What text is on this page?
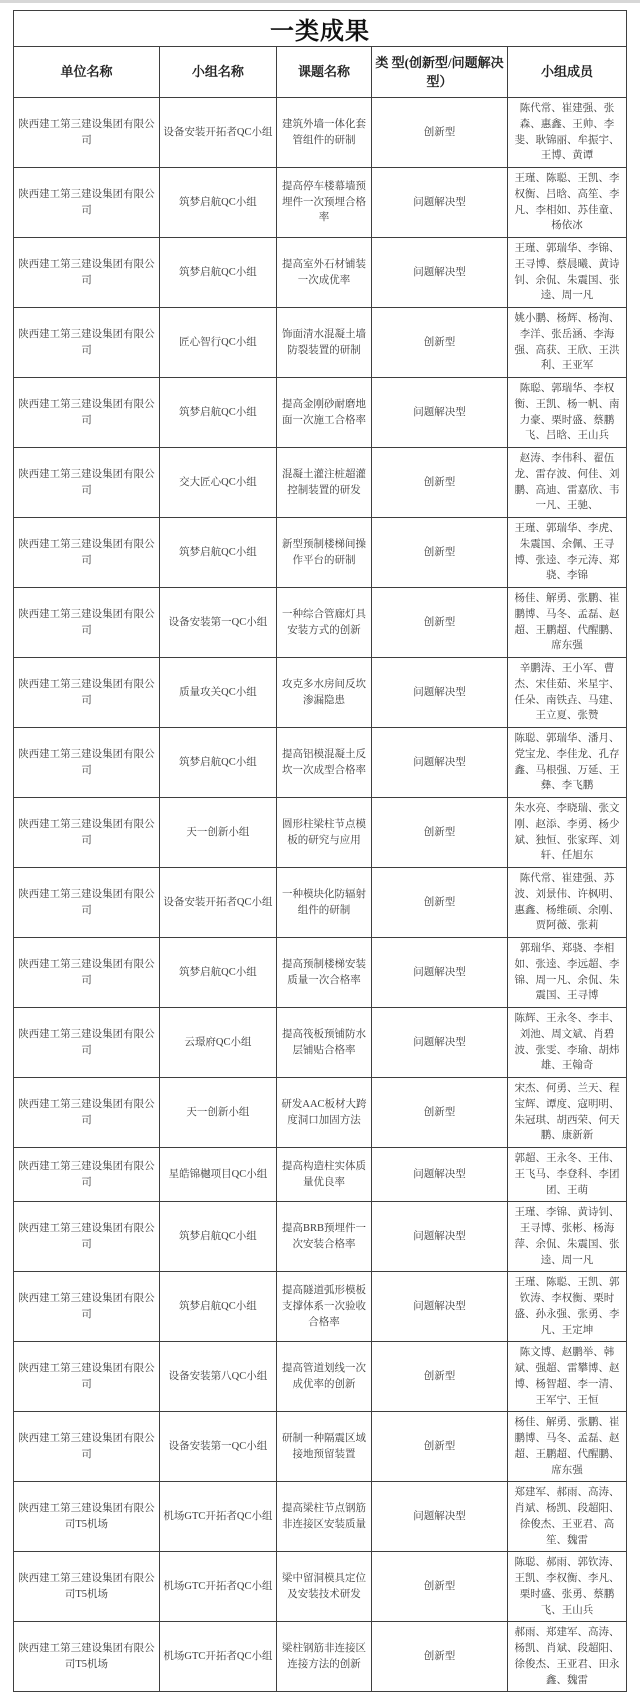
一类成果				
单位名称	小组名称	课题名称	类 型(创新型/问题解决型）	小组成员
陕西建工第三建设集团有限公司	设备安装开拓者QC小组	建筑外墙一体化套管组件的研制	创新型	陈代常、崔建强、张森、惠鑫、王帅、李斐、耿锦丽、牟振宇、王博、黄谭
陕西建工第三建设集团有限公司	筑梦启航QC小组	提高停车楼幕墙预埋件一次预埋合格率	问题解决型	王瑾、陈聪、王凯、李权衡、吕晗、高笙、李凡、李相如、苏佳童、杨依冰
陕西建工第三建设集团有限公司	筑梦启航QC小组	提高室外石材铺装一次成优率	问题解决型	王瑾、郭瑞华、李锦、王寻博、蔡晨曦、黄诗钊、余侃、朱震国、张逵、周一凡
陕西建工第三建设集团有限公司	匠心智行QC小组	饰面清水混凝土墙防裂装置的研制	创新型	姚小鹏、杨辉、杨洵、李洋、张岳涵、李海强、高获、王欣、王洪利、王亚军
陕西建工第三建设集团有限公司	筑梦启航QC小组	提高金刚砂耐磨地面一次施工合格率	问题解决型	陈聪、郭瑞华、李权衡、王凯、杨一帆、南力豪、栗时盛、蔡鹏飞、吕晗、王山兵
陕西建工第三建设集团有限公司	交大匠心QC小组	混凝土灌注桩超灌控制装置的研发	创新型	赵涛、李伟科、翟伍龙、雷存波、何佳、刘鹏、高迪、雷嘉欣、韦一凡、王驰、
陕西建工第三建设集团有限公司	筑梦启航QC小组	新型预制楼梯间操作平台的研制	创新型	王瑾、郭瑞华、李虎、朱震国、余佩、王寻博、张逵、李元涛、郑骁、李锦
陕西建工第三建设集团有限公司	设备安装第一QC小组	一种综合管廊灯具安装方式的创新	创新型	杨佳、解勇、张鹏、崔鹏博、马冬、孟磊、赵超、王鹏超、代醒鹏、席东强
陕西建工第三建设集团有限公司	质量攻关QC小组	攻克多水房间反坎渗漏隐患	问题解决型	辛鹏涛、王小军、曹杰、宋佳茹、米星宇、任朵、南铁垚、马建、王立夏、张赞
陕西建工第三建设集团有限公司	筑梦启航QC小组	提高铝模混凝土反坎一次成型合格率	问题解决型	陈聪、郭瑞华、潘月、党宝龙、李佳龙、孔存鑫、马根强、万延、王彝、李飞鹏
陕西建工第三建设集团有限公司	天一创新小组	圆形柱梁柱节点模板的研究与应用	创新型	朱水亮、李晓瑞、张文刚、赵添、李勇、杨少斌、独恒、张家珲、刘轩、任旭东
陕西建工第三建设集团有限公司	设备安装开拓者QC小组	一种模块化防辐射组件的研制	创新型	陈代常、崔建强、苏波、刘景伟、许枫明、惠鑫、杨维硕、余刚、贾阿薇、张莉
陕西建工第三建设集团有限公司	筑梦启航QC小组	提高预制楼梯安装质量一次合格率	问题解决型	郭瑞华、郑骁、李相如、张逵、李远超、李锦、周一凡、余侃、朱震国、王寻博
陕西建工第三建设集团有限公司	云璟府QC小组	提高筏板预铺防水层铺贴合格率	问题解决型	陈辉、王永冬、李丰、刘池、周文斌、肖碧波、张雯、李瑜、胡炜雄、王翰奇
陕西建工第三建设集团有限公司	天一创新小组	研发AAC板材大跨度洞口加固方法	创新型	宋杰、何勇、兰天、程宝辉、谭度、寇明明、朱冠琪、胡西荣、何天鹏、康新新
陕西建工第三建设集团有限公司	星皓锦樾项目QC小组	提高构造柱实体质量优良率	问题解决型	郭超、王永冬、王伟、王飞马、李登科、李团团、王萌
陕西建工第三建设集团有限公司	筑梦启航QC小组	提高BRB预埋件一次安装合格率	问题解决型	王瑾、李锦、黄诗钊、王寻博、张彬、杨海萍、余侃、朱震国、张逵、周一凡
陕西建工第三建设集团有限公司	筑梦启航QC小组	提高隧道弧形模板支撑体系一次验收合格率	问题解决型	王瑾、陈聪、王凯、郭钦涛、李权衡、栗时盛、孙永强、张勇、李凡、王定坤
陕西建工第三建设集团有限公司	设备安装第八QC小组	提高管道划线一次成优率的创新	创新型	陈文博、赵鹏举、韩斌、强超、雷攀博、赵博、杨智超、李一清、王军宁、王恒
陕西建工第三建设集团有限公司	设备安装第一QC小组	研制一种隔震区域接地预留装置	创新型	杨佳、解勇、张鹏、崔鹏博、马冬、孟磊、赵超、王鹏超、代醒鹏、席东强
陕西建工第三建设集团有限公司T5机场	机场GTC开拓者QC小组	提高梁柱节点钢筋非连接区安装质量	问题解决型	郑建军、郝雨、高涛、肖斌、杨凯、段超阳、徐俊杰、王亚君、高笙、魏雷
陕西建工第三建设集团有限公司T5机场	机场GTC开拓者QC小组	梁中留洞模具定位及安装技术研发	创新型	陈聪、郝雨、郭钦涛、王凯、李权衡、李凡、栗时盛、张勇、蔡鹏飞、王山兵
陕西建工第三建设集团有限公司T5机场	机场GTC开拓者QC小组	梁柱钢筋非连接区连接方法的创新	创新型	郝雨、郑建军、高涛、杨凯、肖斌、段超阳、徐俊杰、王亚君、田永鑫、魏雷
